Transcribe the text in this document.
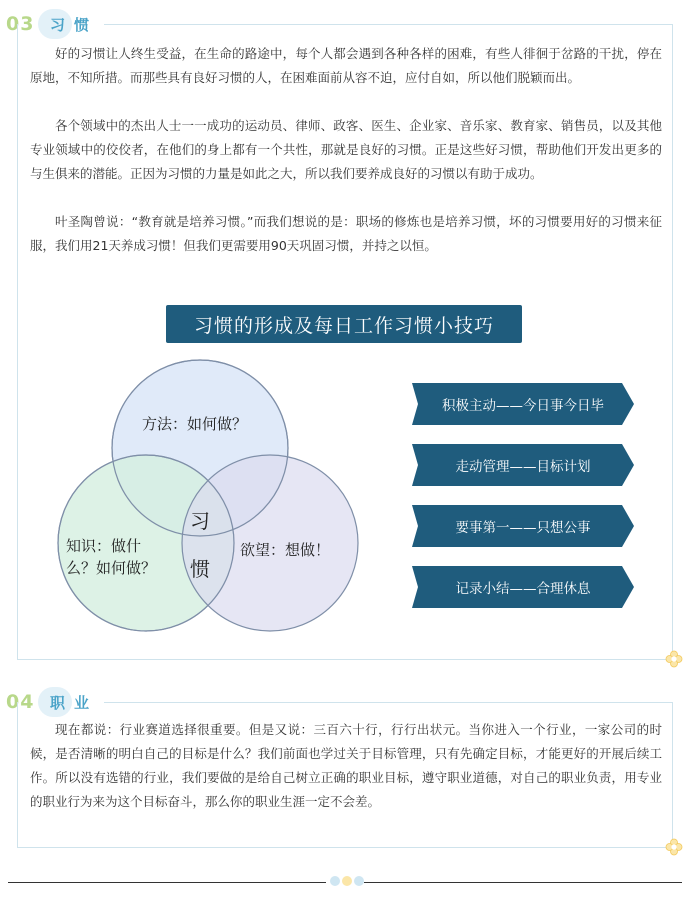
03	习惯

好的习惯让人终生受益，在生命的路途中，每个人都会遇到各种各样的困难，有些人徘徊于岔路的干扰，停在原地，不知所措。而那些具有良好习惯的人，在困难面前从容不迫，应付自如，所以他们脱颖而出。

各个领域中的杰出人士一一成功的运动员、律师、政客、医生、企业家、音乐家、教育家、销售员，以及其他专业领域中的佼佼者，在他们的身上都有一个共性，那就是良好的习惯。正是这些好习惯，帮助他们开发出更多的与生俱来的潜能。正因为习惯的力量是如此之大，所以我们要养成良好的习惯以有助于成功。

叶圣陶曾说：“教育就是培养习惯。”而我们想说的是：职场的修炼也是培养习惯，坏的习惯要用好的习惯来征服，我们用21天养成习惯！但我们更需要用90天巩固习惯，并持之以恒。

习惯的形成及每日工作习惯小技巧
方法：如何做？
知识：做什
么？如何做？
欲望：想做！
习
惯
积极主动——今日事今日毕
走动管理——目标计划
要事第一——只想公事
记录小结——合理休息
04	职业

现在都说：行业赛道选择很重要。但是又说：三百六十行，行行出状元。当你进入一个行业，一家公司的时候，是否清晰的明白自己的目标是什么？我们前面也学过关于目标管理，只有先确定目标，才能更好的开展后续工作。所以没有选错的行业，我们要做的是给自己树立正确的职业目标，遵守职业道德，对自己的职业负责，用专业的职业行为来为这个目标奋斗，那么你的职业生涯一定不会差。
